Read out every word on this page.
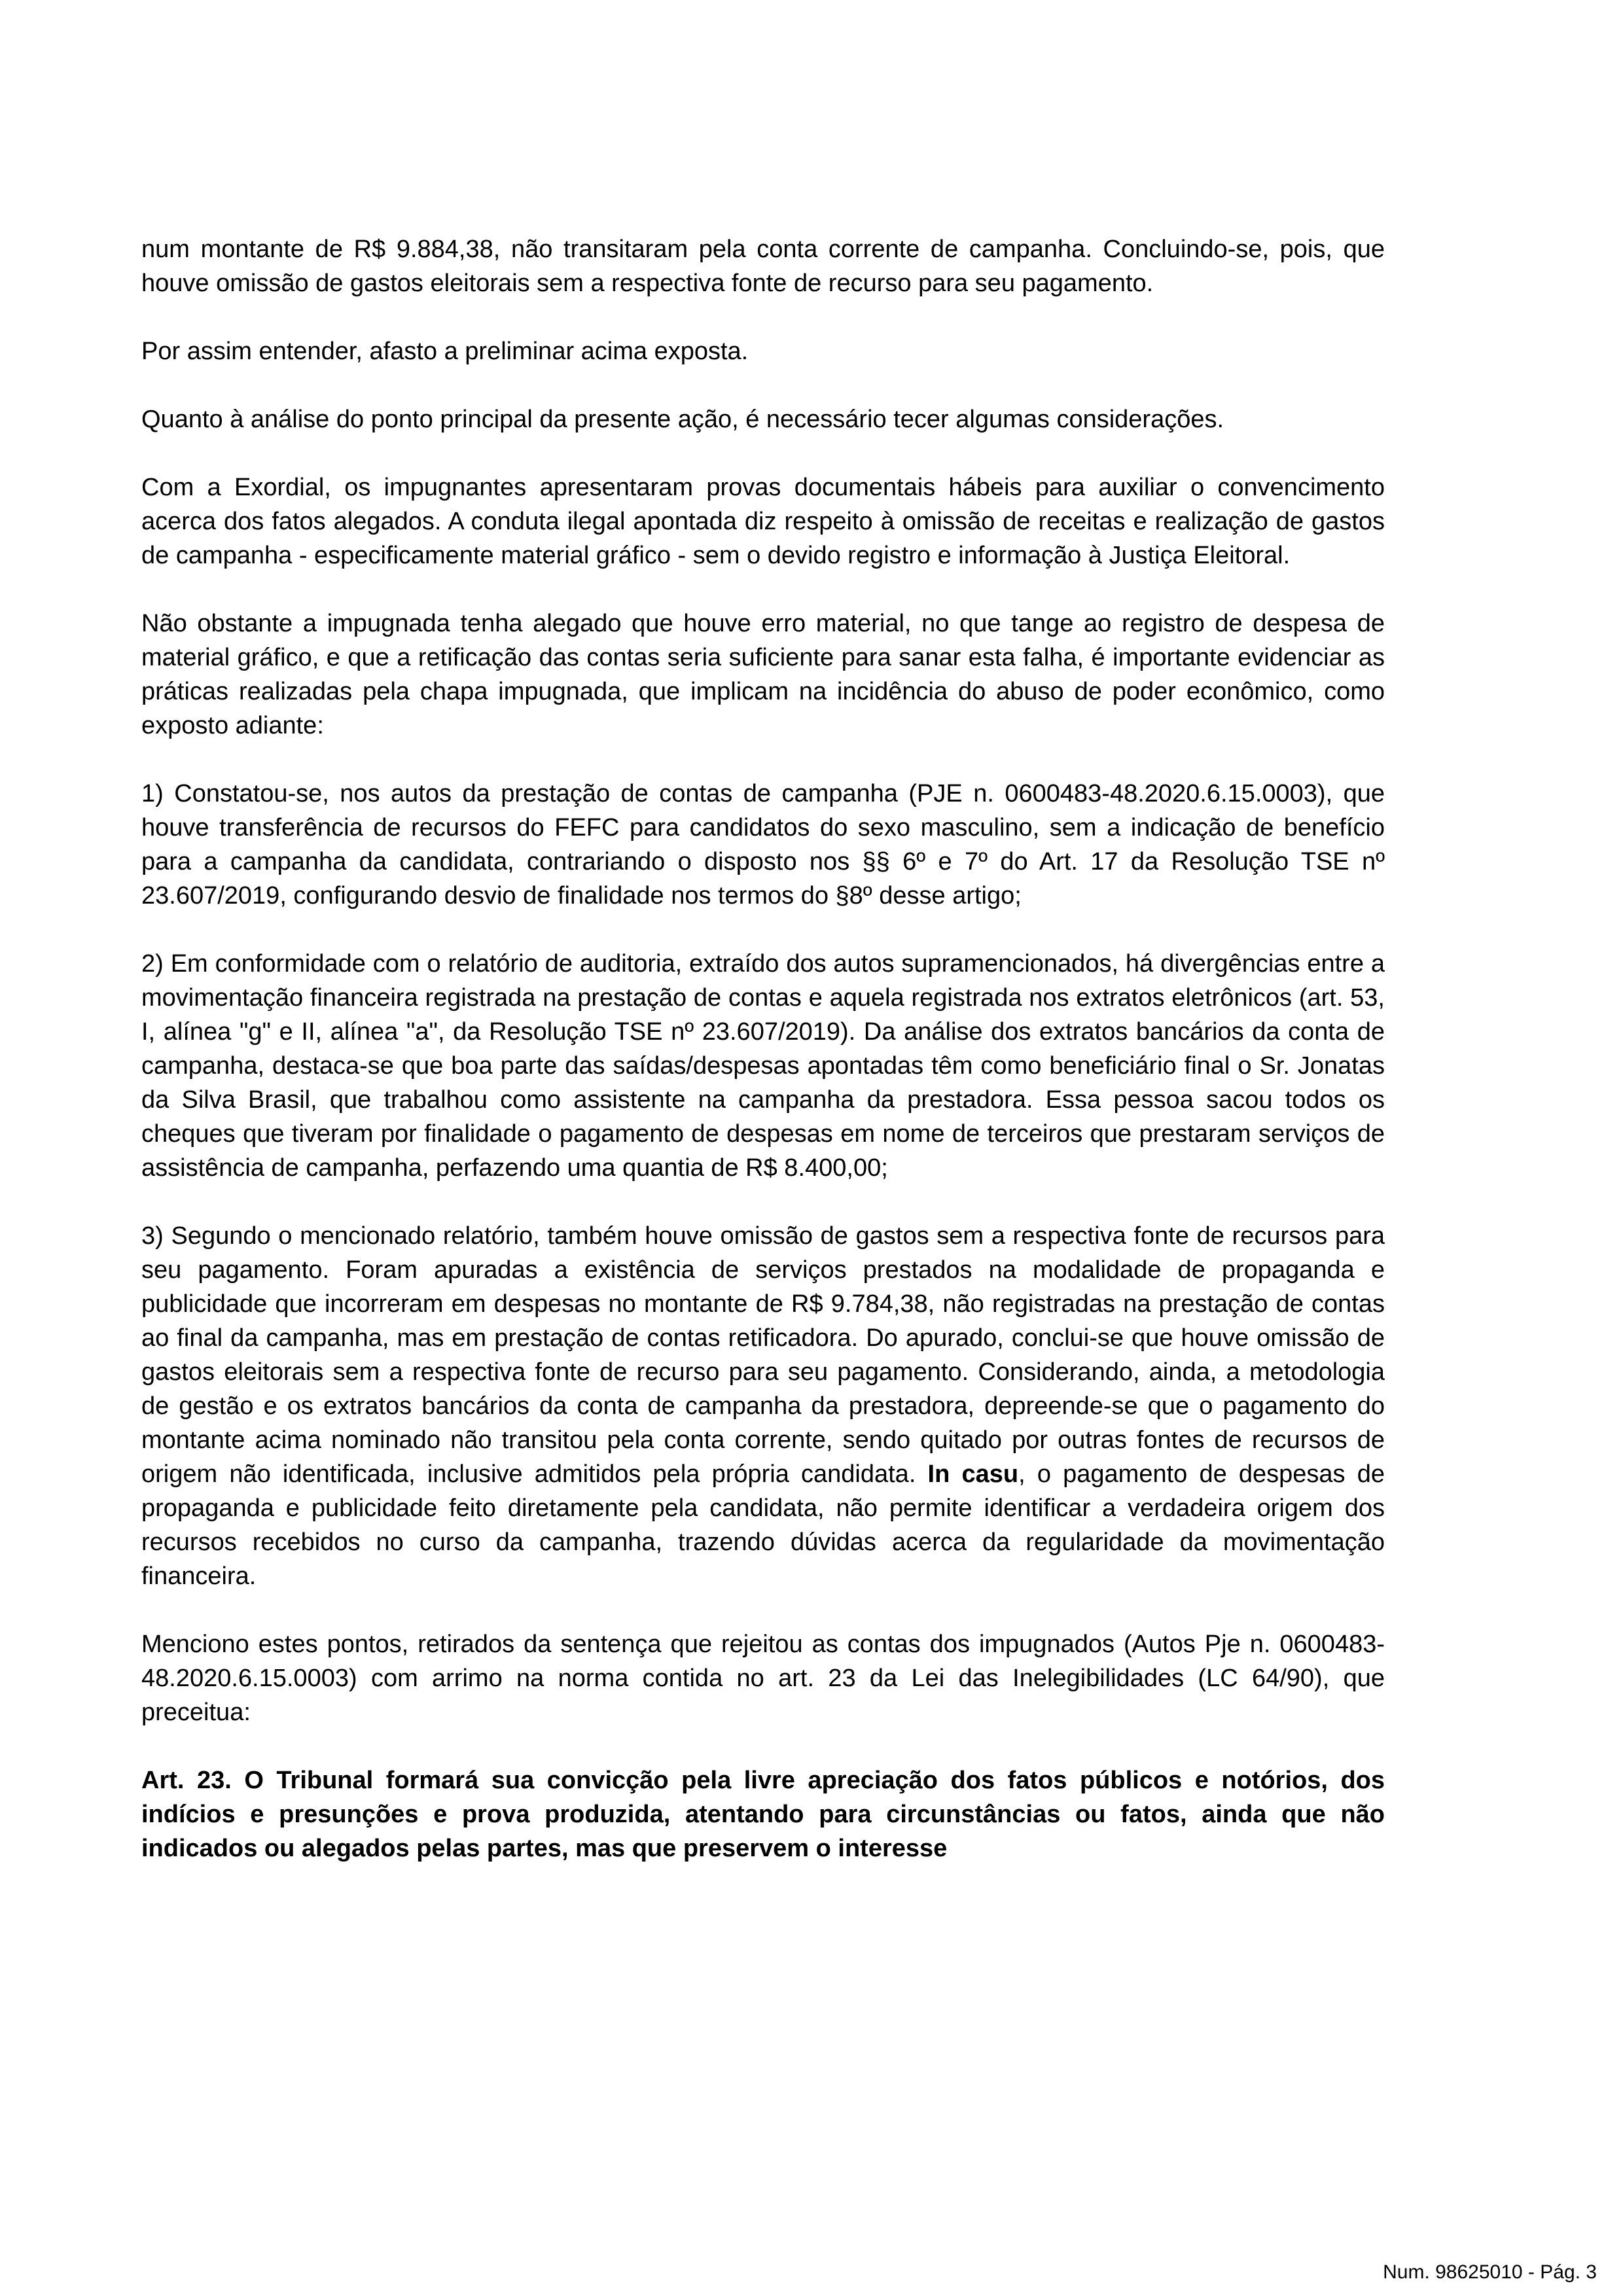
num montante de R$ 9.884,38, não transitaram pela conta corrente de campanha. Concluindo-se, pois, que houve omissão de gastos eleitorais sem a respectiva fonte de recurso para seu pagamento.

Por assim entender, afasto a preliminar acima exposta.

Quanto à análise do ponto principal da presente ação, é necessário tecer algumas considerações.

Com a Exordial, os impugnantes apresentaram provas documentais hábeis para auxiliar o convencimento acerca dos fatos alegados. A conduta ilegal apontada diz respeito à omissão de receitas e realização de gastos de campanha - especificamente material gráfico - sem o devido registro e informação à Justiça Eleitoral.

Não obstante a impugnada tenha alegado que houve erro material, no que tange ao registro de despesa de material gráfico, e que a retificação das contas seria suficiente para sanar esta falha, é importante evidenciar as práticas realizadas pela chapa impugnada, que implicam na incidência do abuso de poder econômico, como exposto adiante:

1) Constatou-se, nos autos da prestação de contas de campanha (PJE n. 0600483-48.2020.6.15.0003), que houve transferência de recursos do FEFC para candidatos do sexo masculino, sem a indicação de benefício para a campanha da candidata, contrariando o disposto nos §§ 6º e 7º do Art. 17 da Resolução TSE nº 23.607/2019, configurando desvio de finalidade nos termos do §8º desse artigo;

2) Em conformidade com o relatório de auditoria, extraído dos autos supramencionados, há divergências entre a movimentação financeira registrada na prestação de contas e aquela registrada nos extratos eletrônicos (art. 53, I, alínea "g" e II, alínea "a", da Resolução TSE nº 23.607/2019). Da análise dos extratos bancários da conta de campanha, destaca-se que boa parte das saídas/despesas apontadas têm como beneficiário final o Sr. Jonatas da Silva Brasil, que trabalhou como assistente na campanha da prestadora. Essa pessoa sacou todos os cheques que tiveram por finalidade o pagamento de despesas em nome de terceiros que prestaram serviços de assistência de campanha, perfazendo uma quantia de R$ 8.400,00;

3) Segundo o mencionado relatório, também houve omissão de gastos sem a respectiva fonte de recursos para seu pagamento. Foram apuradas a existência de serviços prestados na modalidade de propaganda e publicidade que incorreram em despesas no montante de R$ 9.784,38, não registradas na prestação de contas ao final da campanha, mas em prestação de contas retificadora. Do apurado, conclui-se que houve omissão de gastos eleitorais sem a respectiva fonte de recurso para seu pagamento. Considerando, ainda, a metodologia de gestão e os extratos bancários da conta de campanha da prestadora, depreende-se que o pagamento do montante acima nominado não transitou pela conta corrente, sendo quitado por outras fontes de recursos de origem não identificada, inclusive admitidos pela própria candidata. In casu, o pagamento de despesas de propaganda e publicidade feito diretamente pela candidata, não permite identificar a verdadeira origem dos recursos recebidos no curso da campanha, trazendo dúvidas acerca da regularidade da movimentação financeira.

Menciono estes pontos, retirados da sentença que rejeitou as contas dos impugnados (Autos Pje n. 0600483-48.2020.6.15.0003) com arrimo na norma contida no art. 23 da Lei das Inelegibilidades (LC 64/90), que preceitua:

Art. 23. O Tribunal formará sua convicção pela livre apreciação dos fatos públicos e notórios, dos indícios e presunções e prova produzida, atentando para circunstâncias ou fatos, ainda que não indicados ou alegados pelas partes, mas que preservem o interesse

Num. 98625010 - Pág. 3
